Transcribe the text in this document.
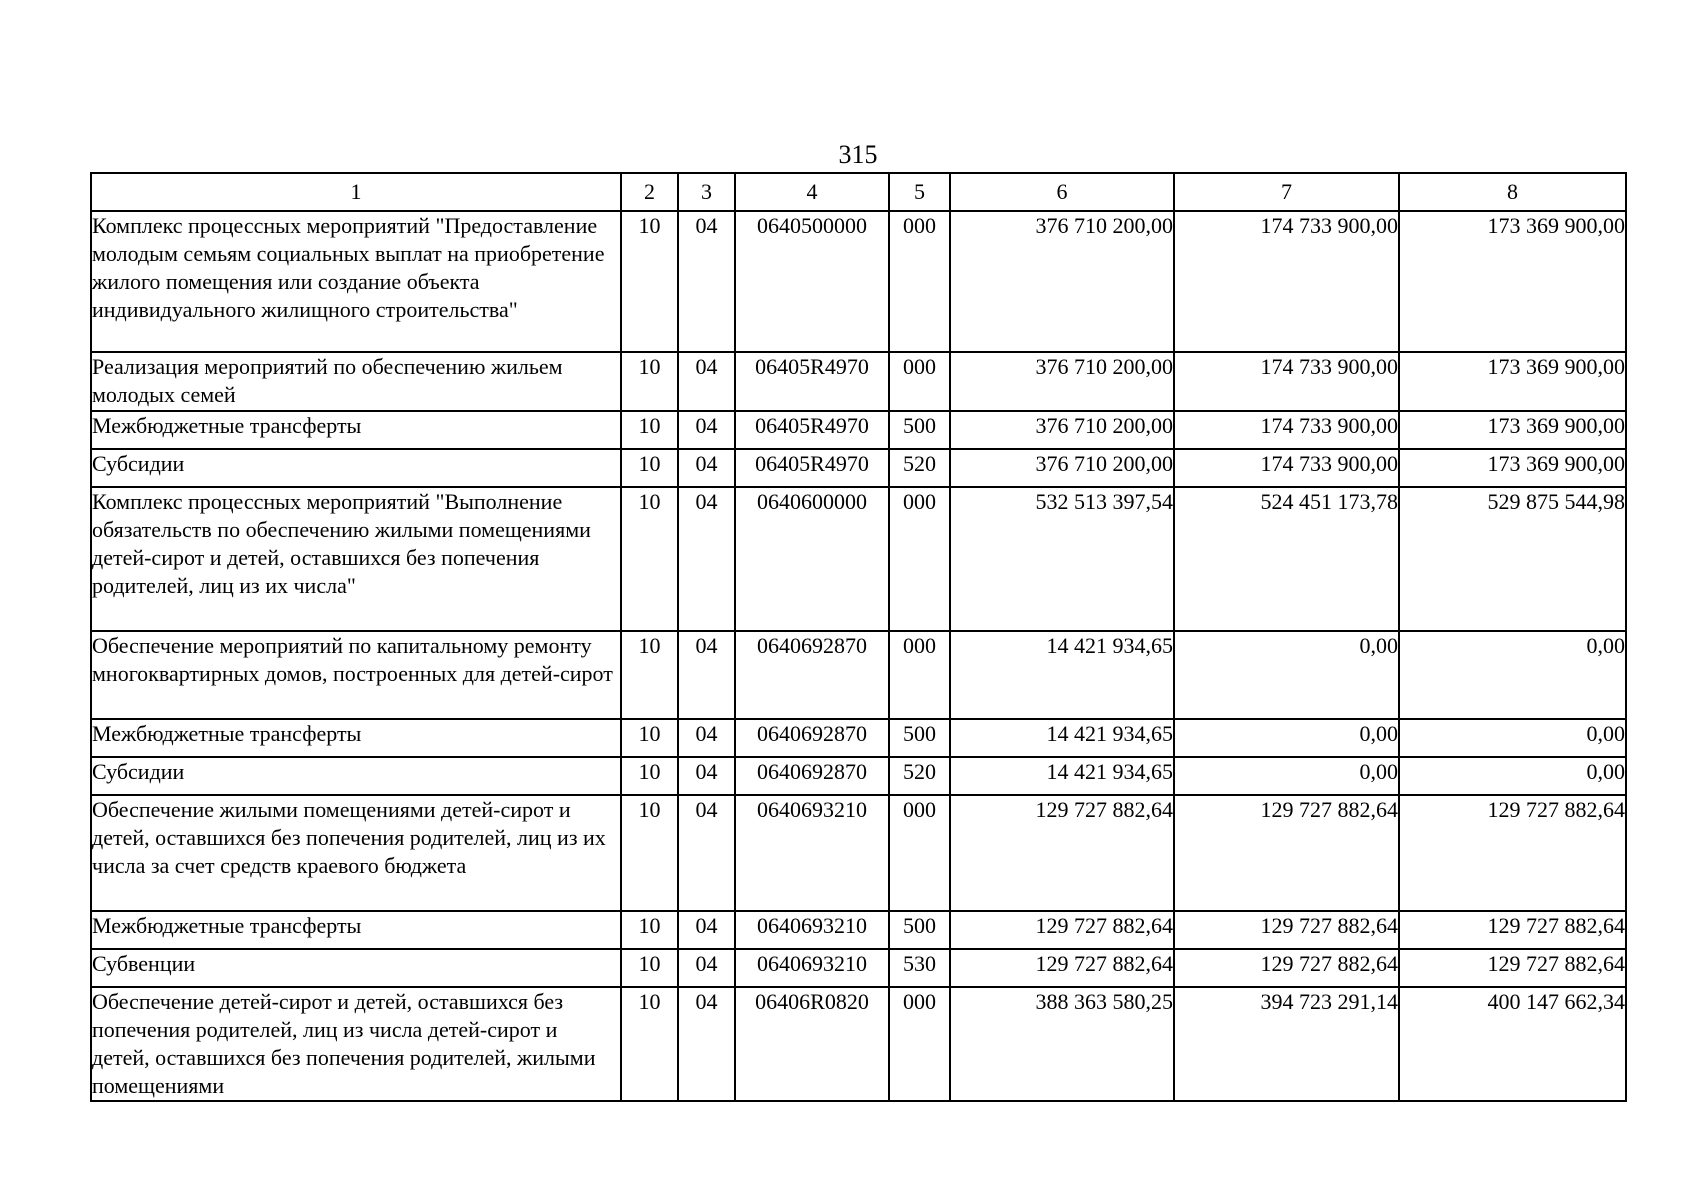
315
1	2	3	4	5	6	7	8
Комплекс процессных мероприятий "Предоставление молодым семьям социальных выплат на приобретение жилого помещения или создание объекта индивидуального жилищного строительства"	10	04	0640500000	000	376 710 200,00	174 733 900,00	173 369 900,00
Реализация мероприятий по обеспечению жильем молодых семей	10	04	06405R4970	000	376 710 200,00	174 733 900,00	173 369 900,00
Межбюджетные трансферты	10	04	06405R4970	500	376 710 200,00	174 733 900,00	173 369 900,00
Субсидии	10	04	06405R4970	520	376 710 200,00	174 733 900,00	173 369 900,00
Комплекс процессных мероприятий "Выполнение обязательств по обеспечению жилыми помещениями детей-сирот и детей, оставшихся без попечения родителей, лиц из их числа"	10	04	0640600000	000	532 513 397,54	524 451 173,78	529 875 544,98
Обеспечение мероприятий по капитальному ремонту многоквартирных домов, построенных для детей-сирот	10	04	0640692870	000	14 421 934,65	0,00	0,00
Межбюджетные трансферты	10	04	0640692870	500	14 421 934,65	0,00	0,00
Субсидии	10	04	0640692870	520	14 421 934,65	0,00	0,00
Обеспечение жилыми помещениями детей-сирот и детей, оставшихся без попечения родителей, лиц из их числа за счет средств краевого бюджета	10	04	0640693210	000	129 727 882,64	129 727 882,64	129 727 882,64
Межбюджетные трансферты	10	04	0640693210	500	129 727 882,64	129 727 882,64	129 727 882,64
Субвенции	10	04	0640693210	530	129 727 882,64	129 727 882,64	129 727 882,64
Обеспечение детей-сирот и детей, оставшихся без попечения родителей, лиц из числа детей-сирот и детей, оставшихся без попечения родителей, жилыми помещениями	10	04	06406R0820	000	388 363 580,25	394 723 291,14	400 147 662,34
